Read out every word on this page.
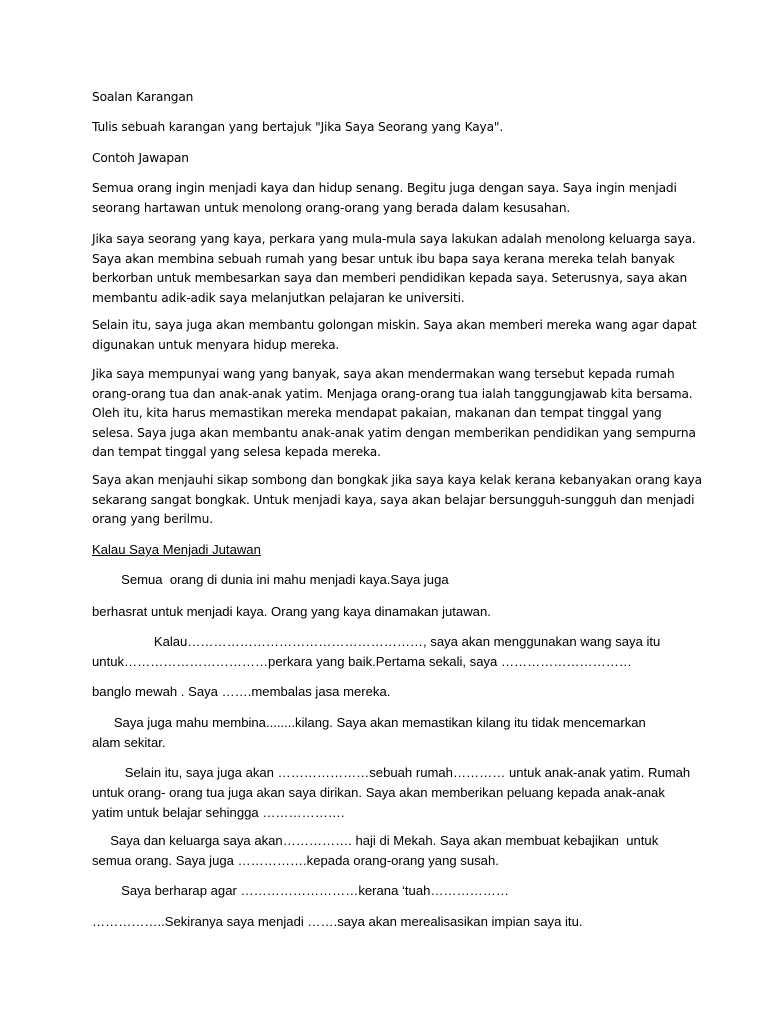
Soalan Karangan
Tulis sebuah karangan yang bertajuk "Jika Saya Seorang yang Kaya".
Contoh Jawapan
Semua orang ingin menjadi kaya dan hidup senang. Begitu juga dengan saya. Saya ingin menjadi
seorang hartawan untuk menolong orang-orang yang berada dalam kesusahan.
Jika saya seorang yang kaya, perkara yang mula-mula saya lakukan adalah menolong keluarga saya.
Saya akan membina sebuah rumah yang besar untuk ibu bapa saya kerana mereka telah banyak
berkorban untuk membesarkan saya dan memberi pendidikan kepada saya. Seterusnya, saya akan
membantu adik-adik saya melanjutkan pelajaran ke universiti.
Selain itu, saya juga akan membantu golongan miskin. Saya akan memberi mereka wang agar dapat
digunakan untuk menyara hidup mereka.
Jika saya mempunyai wang yang banyak, saya akan mendermakan wang tersebut kepada rumah
orang-orang tua dan anak-anak yatim. Menjaga orang-orang tua ialah tanggungjawab kita bersama.
Oleh itu, kita harus memastikan mereka mendapat pakaian, makanan dan tempat tinggal yang
selesa. Saya juga akan membantu anak-anak yatim dengan memberikan pendidikan yang sempurna
dan tempat tinggal yang selesa kepada mereka.
Saya akan menjauhi sikap sombong dan bongkak jika saya kaya kelak kerana kebanyakan orang kaya
sekarang sangat bongkak. Untuk menjadi kaya, saya akan belajar bersungguh-sungguh dan menjadi
orang yang berilmu.
Kalau Saya Menjadi Jutawan
Semua  orang di dunia ini mahu menjadi kaya.Saya juga
berhasrat untuk menjadi kaya. Orang yang kaya dinamakan jutawan.
Kalau………………………………………………, saya akan menggunakan wang saya itu
untuk……………………………perkara yang baik.Pertama sekali, saya …………………………
banglo mewah . Saya …….membalas jasa mereka.
Saya juga mahu membina........kilang. Saya akan memastikan kilang itu tidak mencemarkan
alam sekitar.
Selain itu, saya juga akan …………………sebuah rumah………… untuk anak-anak yatim. Rumah
untuk orang- orang tua juga akan saya dirikan. Saya akan memberikan peluang kepada anak-anak
yatim untuk belajar sehingga ……………….
Saya dan keluarga saya akan……………. haji di Mekah. Saya akan membuat kebajikan  untuk
semua orang. Saya juga …………….kepada orang-orang yang susah.
Saya berharap agar ………………………kerana ‘tuah………………
……………..Sekiranya saya menjadi …….saya akan merealisasikan impian saya itu.
